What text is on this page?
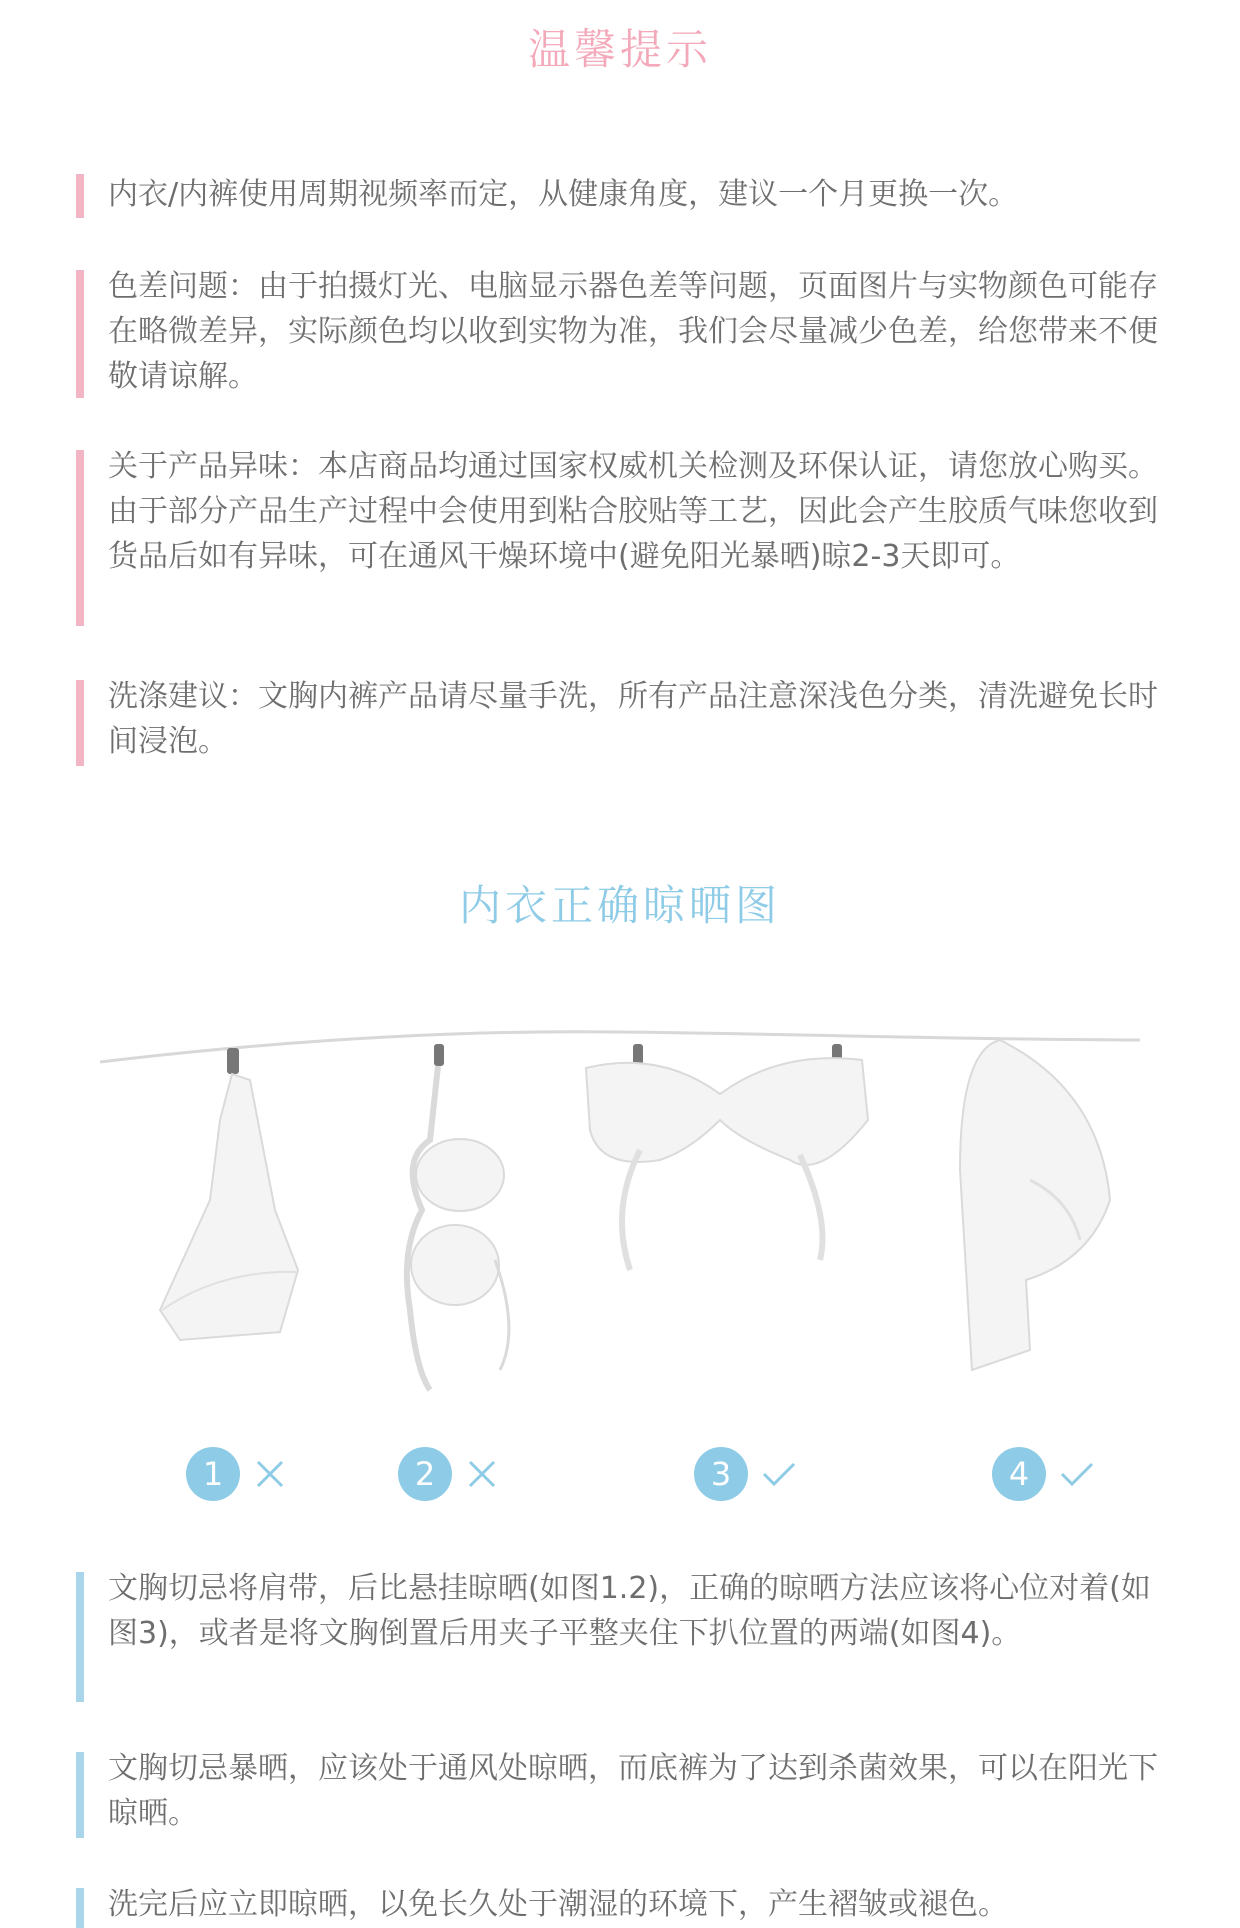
温馨提示
内衣/内裤使用周期视频率而定，从健康角度，建议一个月更换一次。
色差问题：由于拍摄灯光、电脑显示器色差等问题，页面图片与实物颜色可能存在略微差异，实际颜色均以收到实物为准，我们会尽量减少色差，给您带来不便 敬请谅解。
关于产品异味：本店商品均通过国家权威机关检测及环保认证，请您放心购买。由于部分产品生产过程中会使用到粘合胶贴等工艺，因此会产生胶质气味您收到货品后如有异味，可在通风干燥环境中(避免阳光暴晒)晾2-3天即可。
洗涤建议：文胸内裤产品请尽量手洗，所有产品注意深浅色分类，清洗避免长时间浸泡。
内衣正确晾晒图
1	2	3	4
文胸切忌将肩带，后比悬挂晾晒(如图1.2)，正确的晾晒方法应该将心位对着(如图3)，或者是将文胸倒置后用夹子平整夹住下扒位置的两端(如图4)。
文胸切忌暴晒，应该处于通风处晾晒，而底裤为了达到杀菌效果，可以在阳光下晾晒。
洗完后应立即晾晒，以免长久处于潮湿的环境下，产生褶皱或褪色。
